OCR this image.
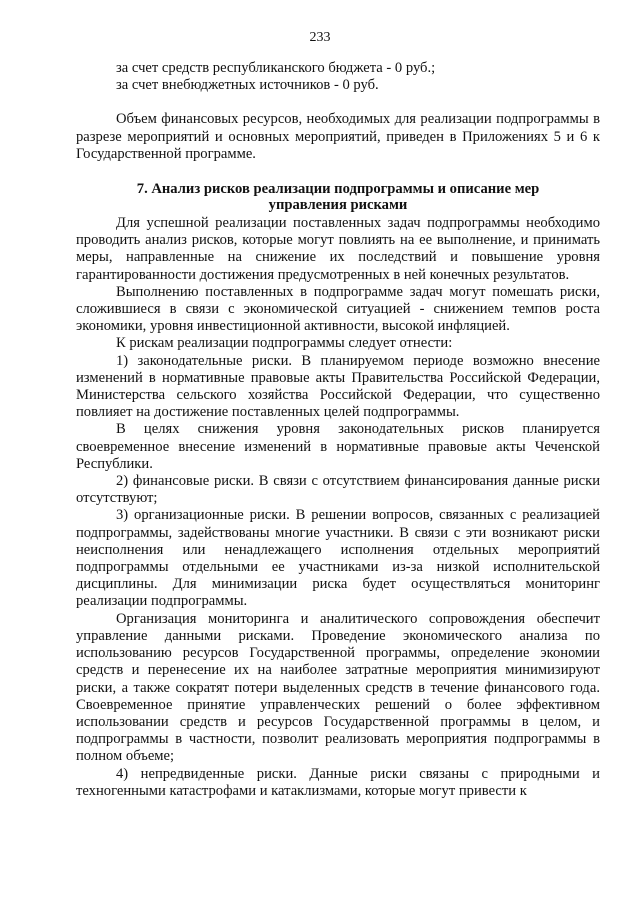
233

за счет средств республиканского бюджета - 0 руб.;

за счет внебюджетных источников - 0 руб.

Объем финансовых ресурсов, необходимых для реализации подпрограммы в разрезе мероприятий и основных мероприятий, приведен в Приложениях 5 и 6 к Государственной программе.

7. Анализ рисков реализации подпрограммы и описание мер
управления рисками

Для успешной реализации поставленных задач подпрограммы необходимо проводить анализ рисков, которые могут повлиять на ее выполнение, и принимать меры, направленные на снижение их последствий и повышение уровня гарантированности достижения предусмотренных в ней конечных результатов.

Выполнению поставленных в подпрограмме задач могут помешать риски, сложившиеся в связи с экономической ситуацией - снижением темпов роста экономики, уровня инвестиционной активности, высокой инфляцией.

К рискам реализации подпрограммы следует отнести:

1) законодательные риски. В планируемом периоде возможно внесение изменений в нормативные правовые акты Правительства Российской Федерации, Министерства сельского хозяйства Российской Федерации, что существенно повлияет на достижение поставленных целей подпрограммы.

В целях снижения уровня законодательных рисков планируется своевременное внесение изменений в нормативные правовые акты Чеченской Республики.

2) финансовые риски. В связи с отсутствием финансирования данные риски отсутствуют;

3) организационные риски. В решении вопросов, связанных с реализацией подпрограммы, задействованы многие участники. В связи с эти возникают риски неисполнения или ненадлежащего исполнения отдельных мероприятий подпрограммы отдельными ее участниками из-за низкой исполнительской дисциплины. Для минимизации риска будет осуществляться мониторинг реализации подпрограммы.

Организация мониторинга и аналитического сопровождения обеспечит управление данными рисками. Проведение экономического анализа по использованию ресурсов Государственной программы, определение экономии средств и перенесение их на наиболее затратные мероприятия минимизируют риски, а также сократят потери выделенных средств в течение финансового года. Своевременное принятие управленческих решений о более эффективном использовании средств и ресурсов Государственной программы в целом, и подпрограммы в частности, позволит реализовать мероприятия подпрограммы в полном объеме;

4) непредвиденные риски. Данные риски связаны с природными и техногенными катастрофами и катаклизмами, которые могут привести к
